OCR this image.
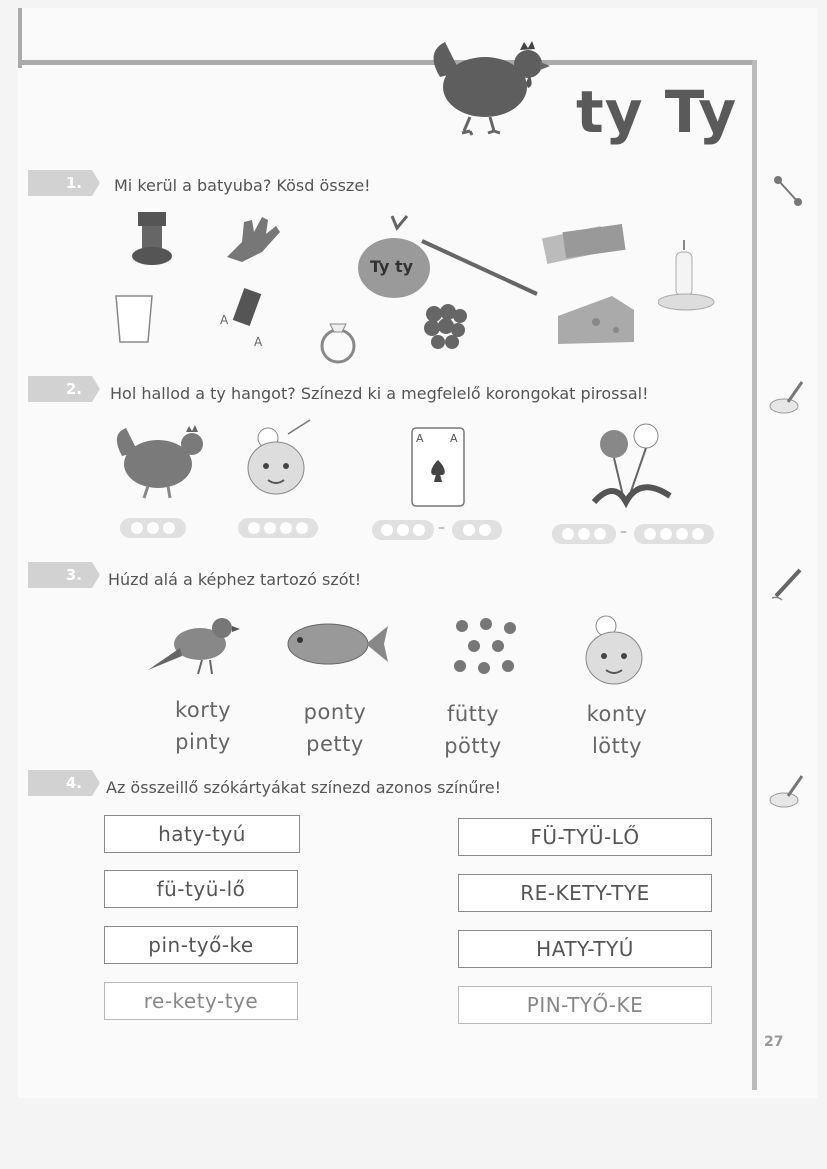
ty Ty
1.	Mi kerül a batyuba? Kösd össze!
Ty ty
A
A
2.	Hol hallod a ty hangot? Színezd ki a megfelelő korongokat pirossal!
A A
–	–
3.	Húzd alá a képhez tartozó szót!
korty
pinty
ponty
petty
fütty
pötty
konty
lötty
4.	Az összeillő szókártyákat színezd azonos színűre!
haty-tyú
fü-tyü-lő
pin-tyő-ke
re-kety-tye
FÜ-TYÜ-LŐ
RE-KETY-TYE
HATY-TYÚ
PIN-TYŐ-KE
27
